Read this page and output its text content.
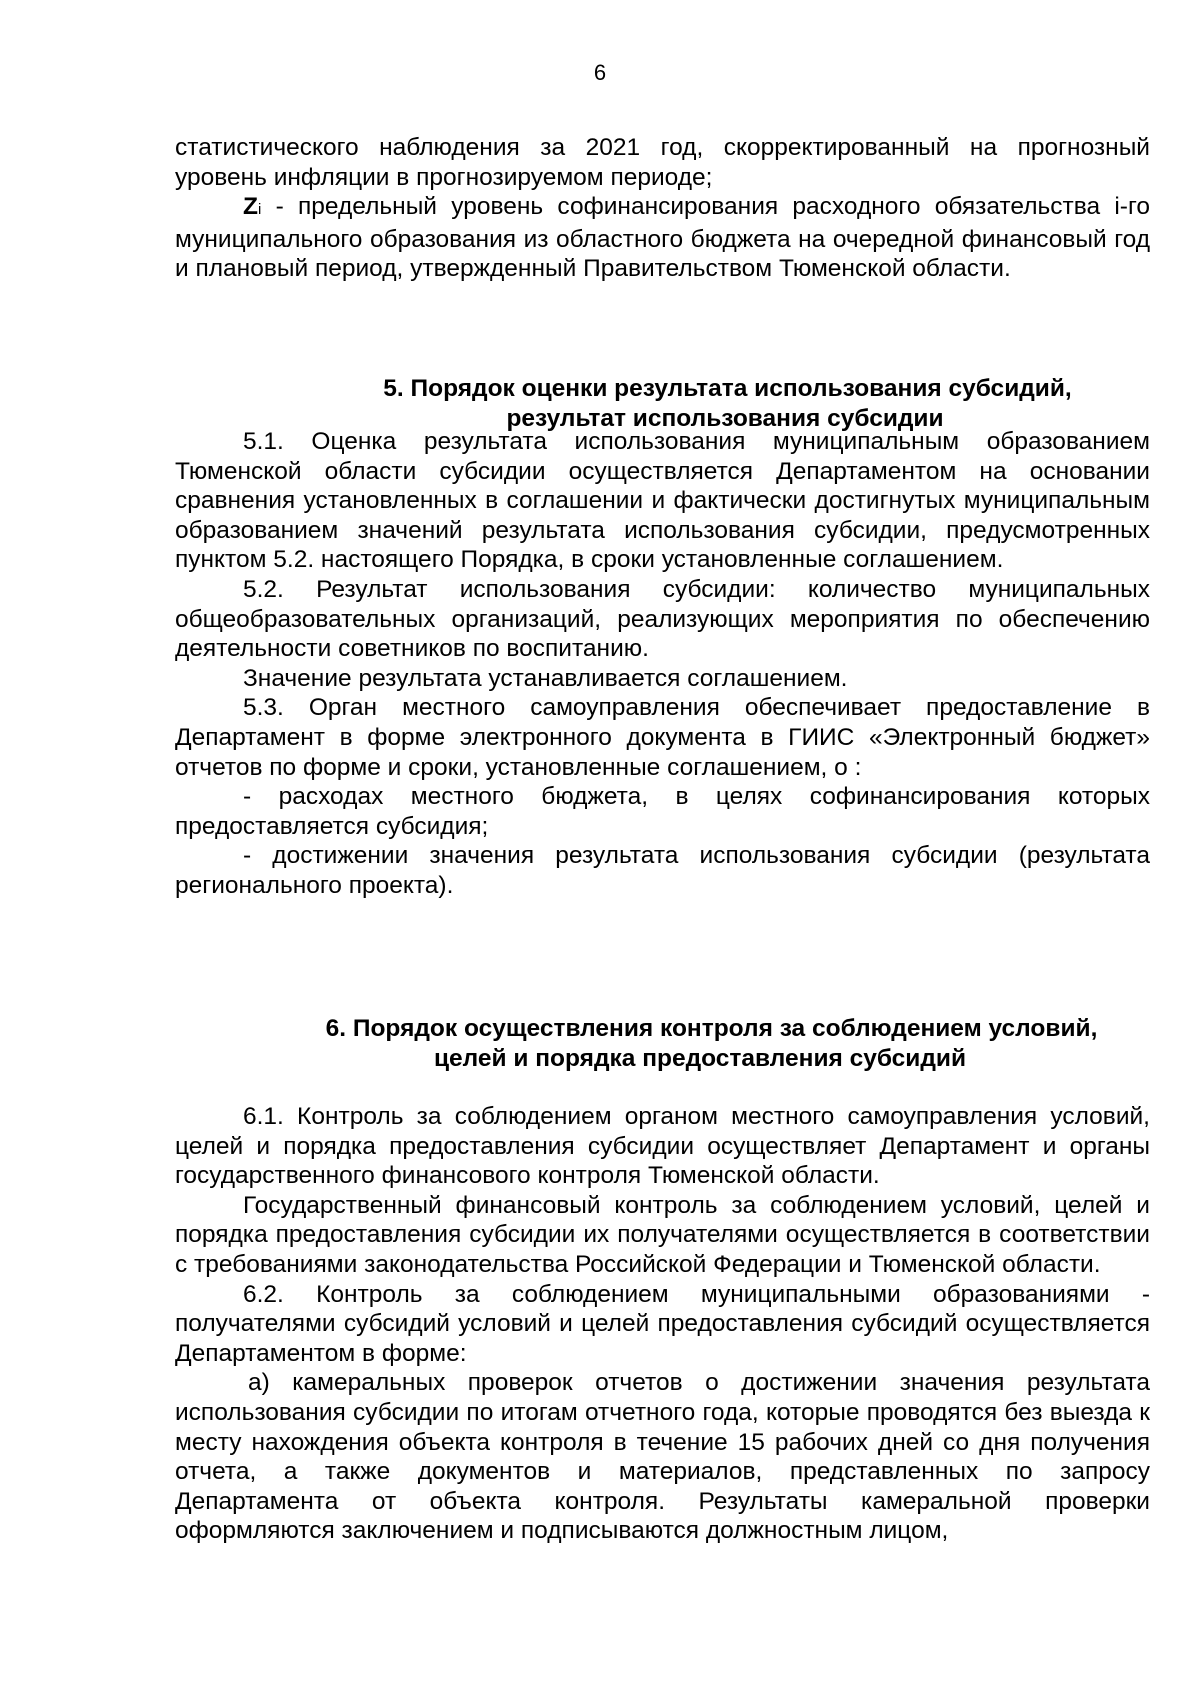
6

статистического наблюдения за 2021 год, скорректированный на прогнозный уровень инфляции в прогнозируемом периоде;

Zi - предельный уровень софинансирования расходного обязательства i-го муниципального образования из областного бюджета на очередной финансовый год и плановый период, утвержденный Правительством Тюменской области.

5. Порядок оценки результата использования субсидий,
результат использования субсидии

5.1. Оценка результата использования муниципальным образованием Тюменской области субсидии осуществляется Департаментом на основании сравнения установленных в соглашении и фактически достигнутых муниципальным образованием значений результата использования субсидии, предусмотренных пунктом 5.2. настоящего Порядка, в сроки установленные соглашением.

5.2. Результат использования субсидии: количество муниципальных общеобразовательных организаций, реализующих мероприятия по обеспечению деятельности советников по воспитанию.

Значение результата устанавливается соглашением.

5.3. Орган местного самоуправления обеспечивает предоставление в Департамент в форме электронного документа в ГИИС «Электронный бюджет» отчетов по форме и сроки, установленные соглашением, о :

- расходах местного бюджета, в целях софинансирования которых предоставляется субсидия;

- достижении значения результата использования субсидии (результата регионального проекта).

6. Порядок осуществления контроля за соблюдением условий,
целей и порядка предоставления субсидий

6.1. Контроль за соблюдением органом местного самоуправления условий, целей и порядка предоставления субсидии осуществляет Департамент и органы государственного финансового контроля Тюменской области.

Государственный финансовый контроль за соблюдением условий, целей и порядка предоставления субсидии их получателями осуществляется в соответствии с требованиями законодательства Российской Федерации и Тюменской области.

6.2. Контроль за соблюдением муниципальными образованиями - получателями субсидий условий и целей предоставления субсидий осуществляется Департаментом в форме:

а) камеральных проверок отчетов о достижении значения результата использования субсидии по итогам отчетного года, которые проводятся без выезда к месту нахождения объекта контроля в течение 15 рабочих дней со дня получения отчета, а также документов и материалов, представленных по запросу Департамента от объекта контроля. Результаты камеральной проверки оформляются заключением и подписываются должностным лицом,
